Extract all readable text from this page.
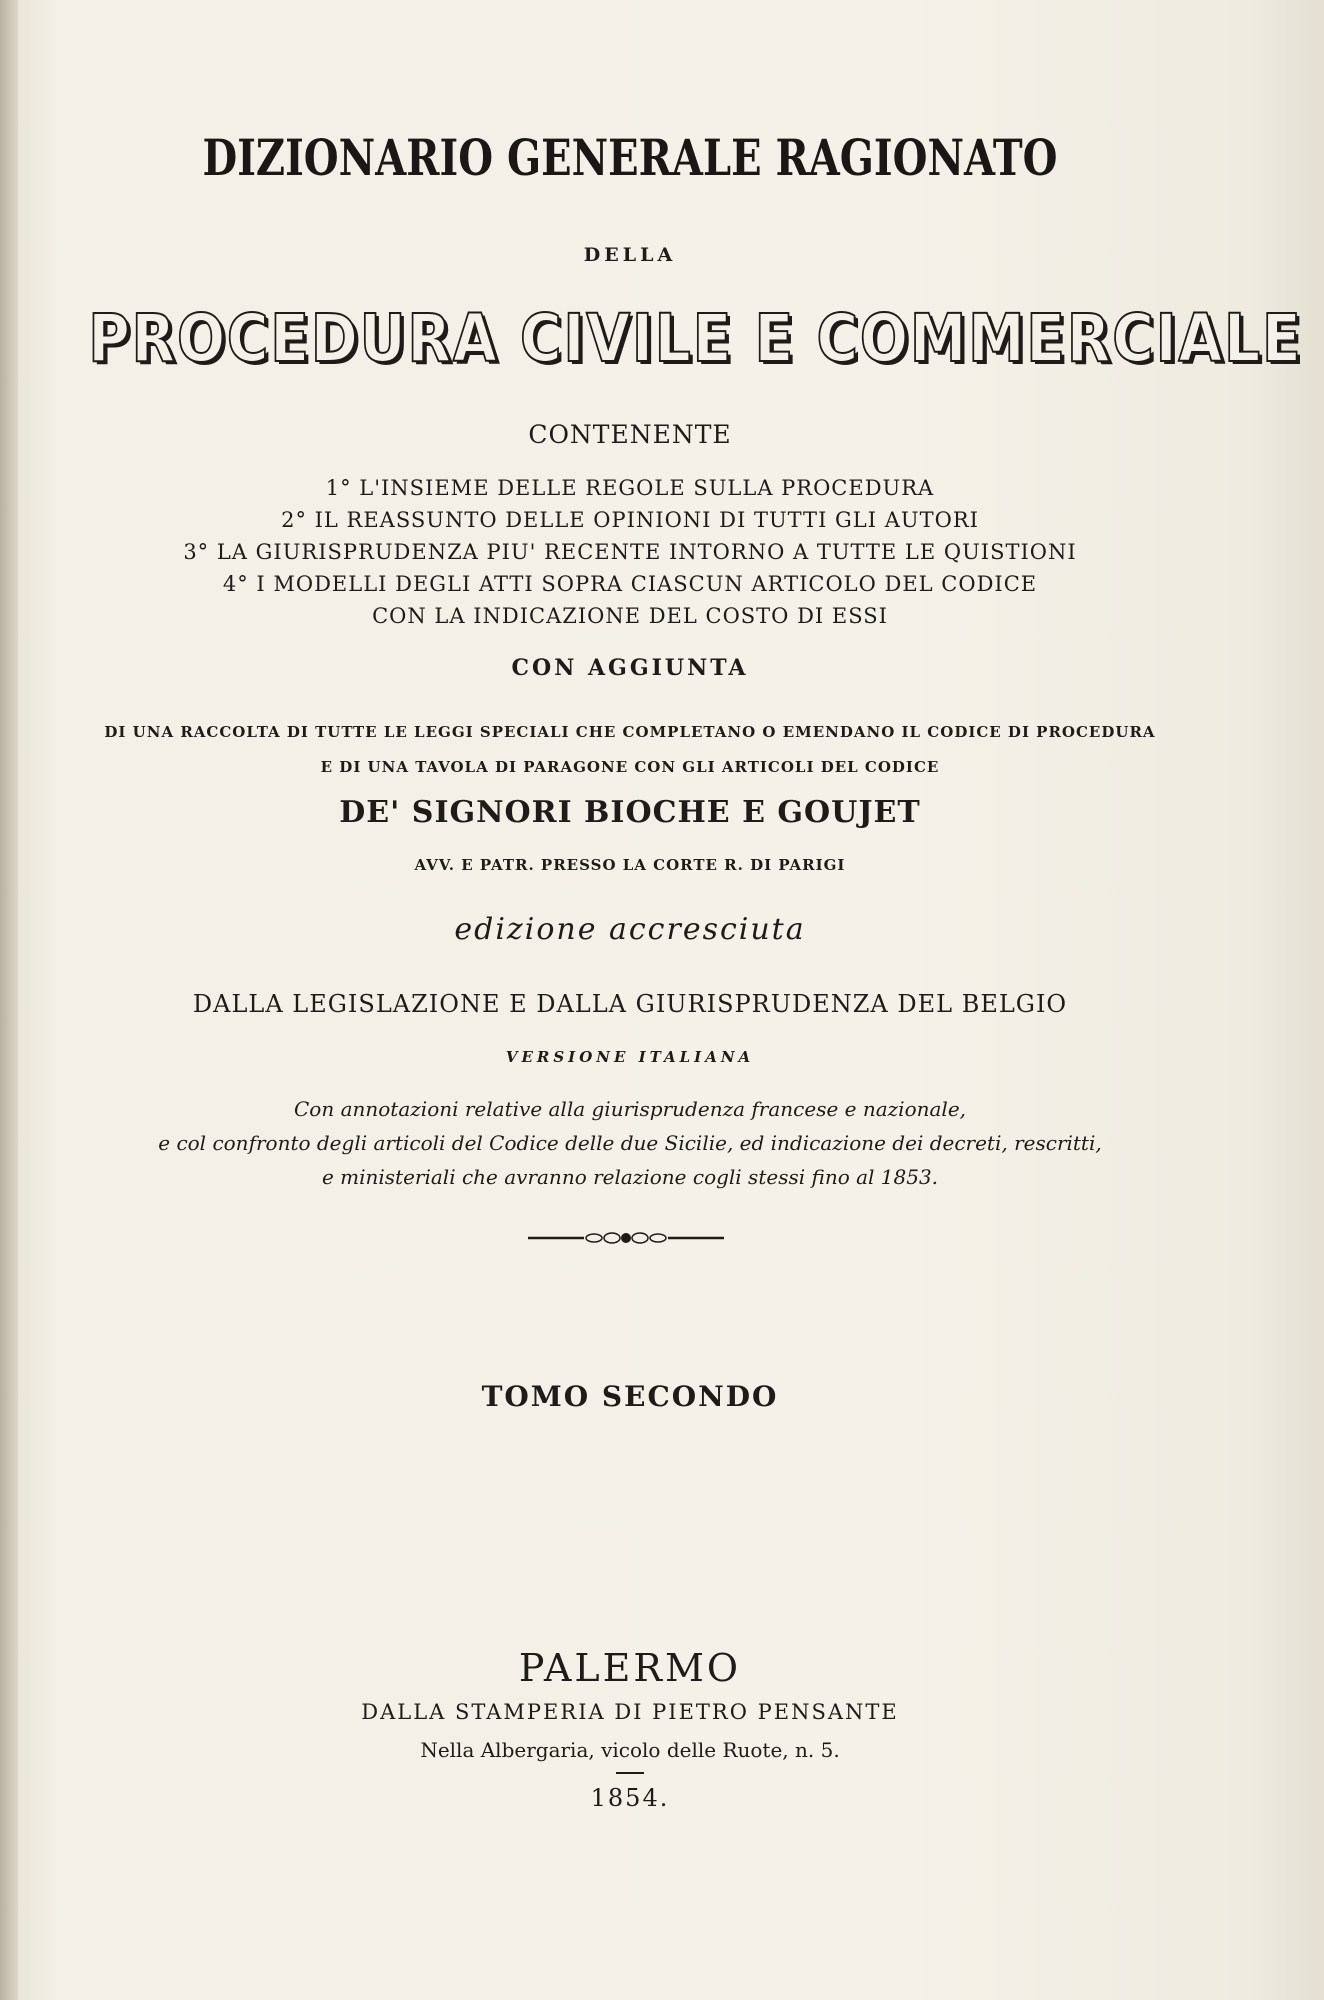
DIZIONARIO GENERALE RAGIONATO
DELLA
PROCEDURA CIVILE E COMMERCIALE
CONTENENTE
1° L'INSIEME DELLE REGOLE SULLA PROCEDURA
2° IL REASSUNTO DELLE OPINIONI DI TUTTI GLI AUTORI
3° LA GIURISPRUDENZA PIU' RECENTE INTORNO A TUTTE LE QUISTIONI
4° I MODELLI DEGLI ATTI SOPRA CIASCUN ARTICOLO DEL CODICE
CON LA INDICAZIONE DEL COSTO DI ESSI
CON AGGIUNTA
DI UNA RACCOLTA DI TUTTE LE LEGGI SPECIALI CHE COMPLETANO O EMENDANO IL CODICE DI PROCEDURA
E DI UNA TAVOLA DI PARAGONE CON GLI ARTICOLI DEL CODICE
DE' SIGNORI BIOCHE E GOUJET
AVV. E PATR. PRESSO LA CORTE R. DI PARIGI
edizione accresciuta
DALLA LEGISLAZIONE E DALLA GIURISPRUDENZA DEL BELGIO
VERSIONE ITALIANA
Con annotazioni relative alla giurisprudenza francese e nazionale,
e col confronto degli articoli del Codice delle due Sicilie, ed indicazione dei decreti, rescritti,
e ministeriali che avranno relazione cogli stessi fino al 1853.
TOMO SECONDO
PALERMO
DALLA STAMPERIA DI PIETRO PENSANTE
Nella Albergaria, vicolo delle Ruote, n. 5.
1854.
